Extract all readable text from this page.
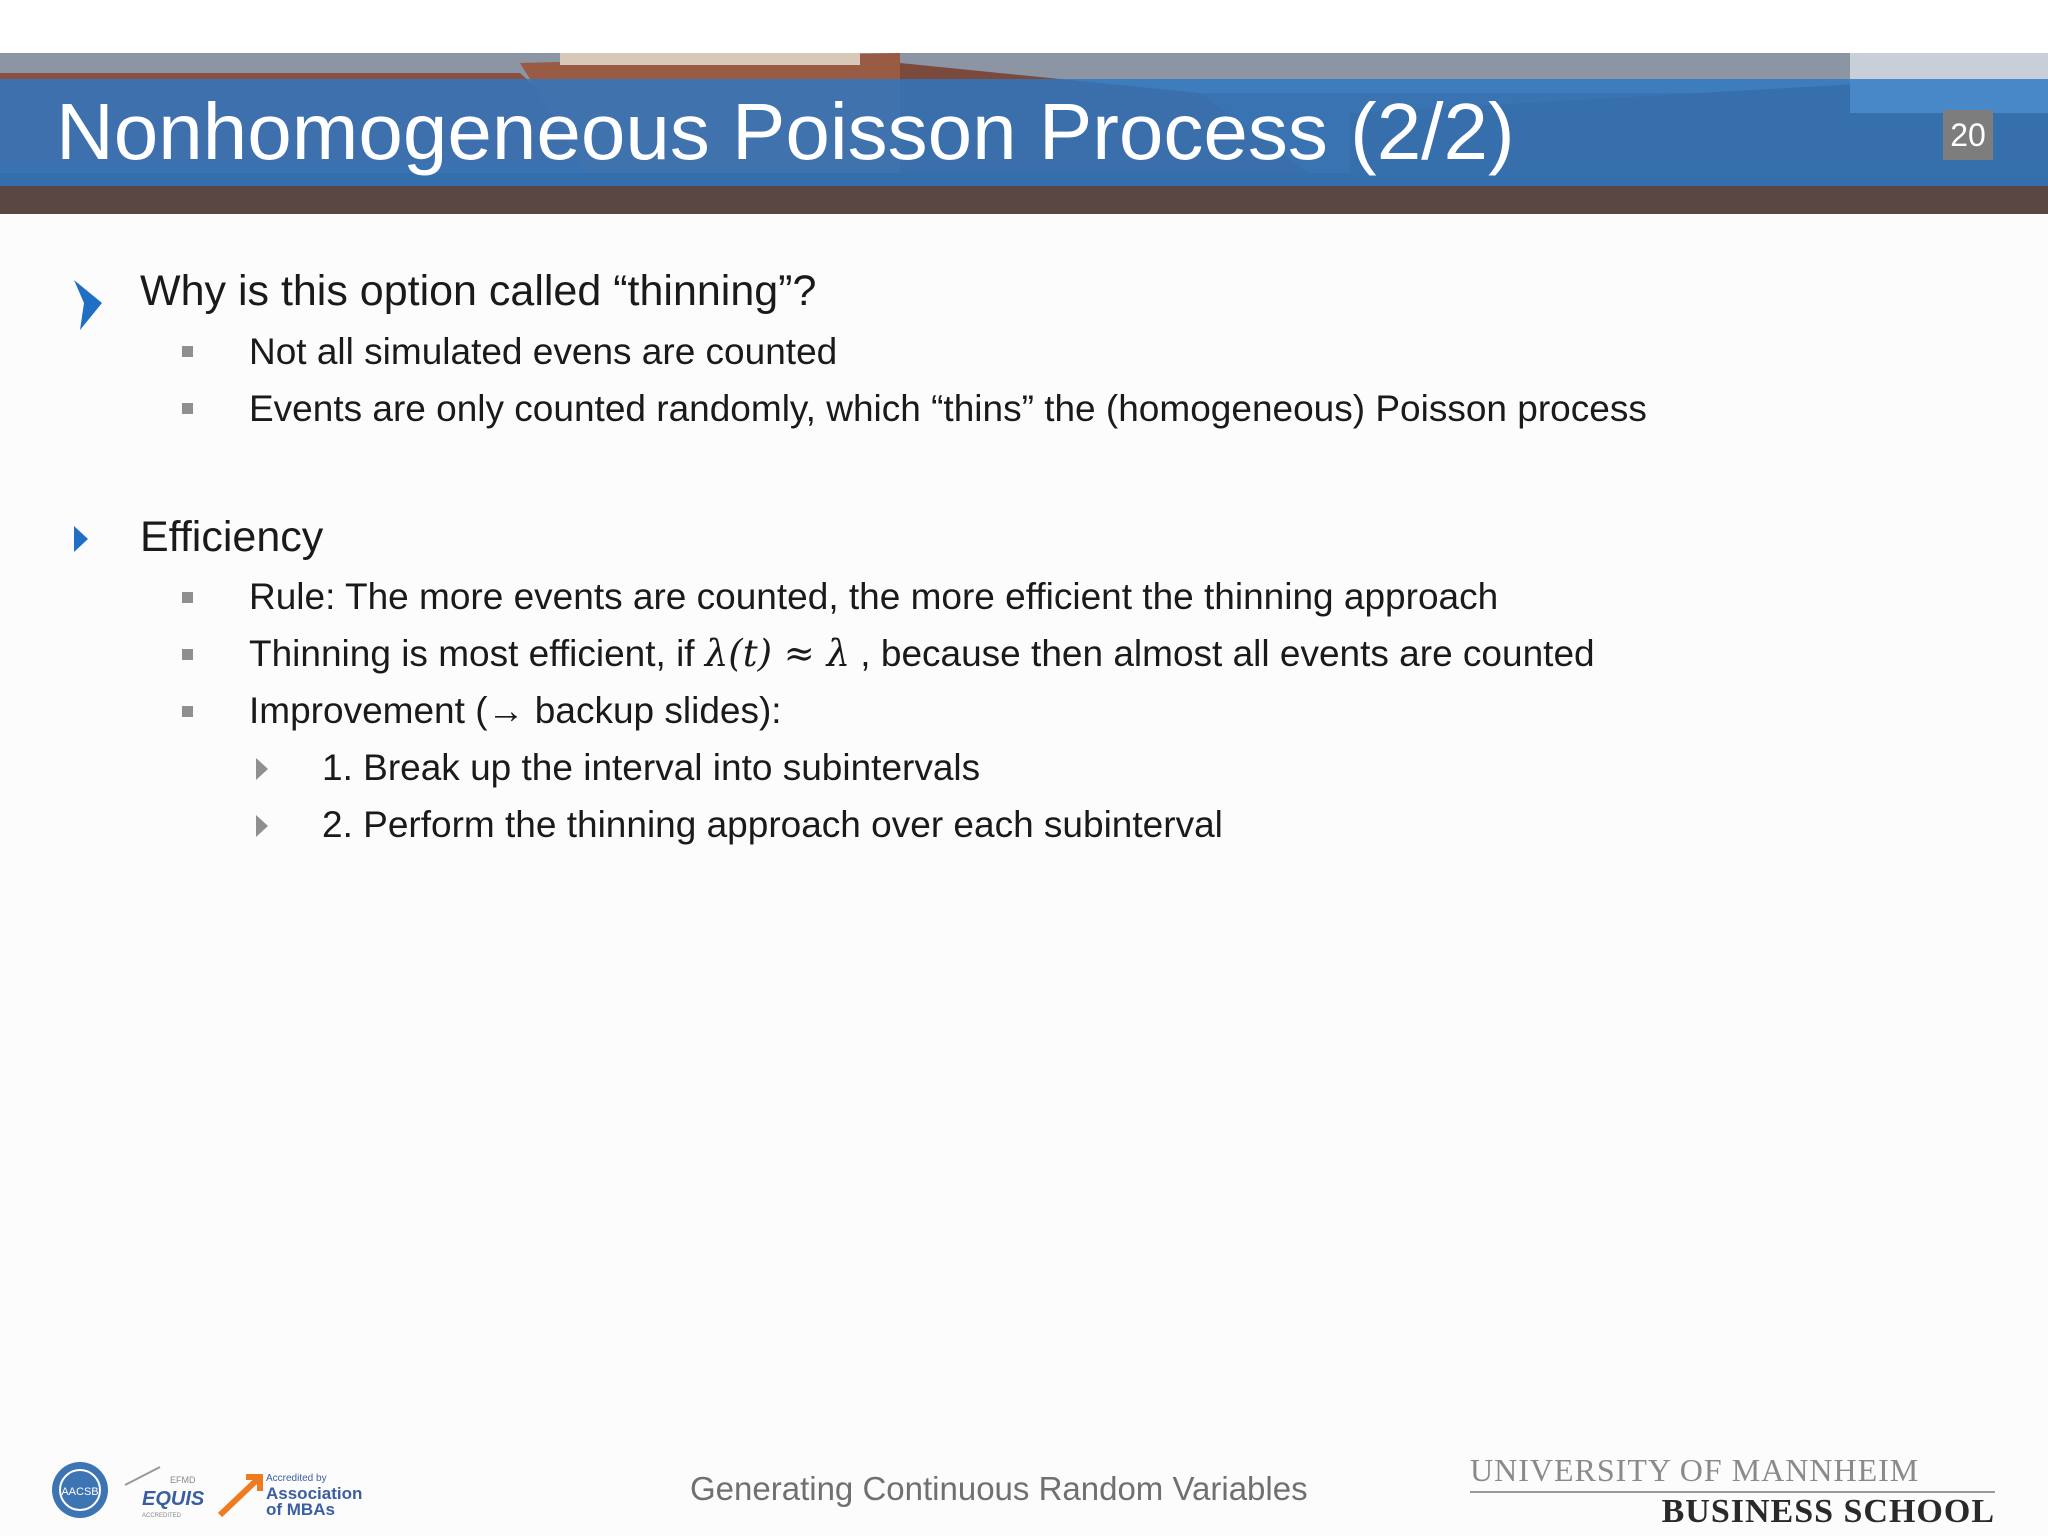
Nonhomogeneous Poisson Process (2/2)	20
Why is this option called “thinning”?
Not all simulated evens are counted
Events are only counted randomly, which “thins” the (homogeneous) Poisson process
Efficiency
Rule: The more events are counted, the more efficient the thinning approach
Thinning is most efficient, if λ(t) ≈ λ , because then almost all events are counted
Improvement (→ backup slides):
1. Break up the interval into subintervals
2. Perform the thinning approach over each subinterval
AACSB
EFMD
EQUIS
ACCREDITED
Accredited by
Association
of MBAs
Generating Continuous Random Variables	UNIVERSITY OF MANNHEIM
BUSINESS SCHOOL
